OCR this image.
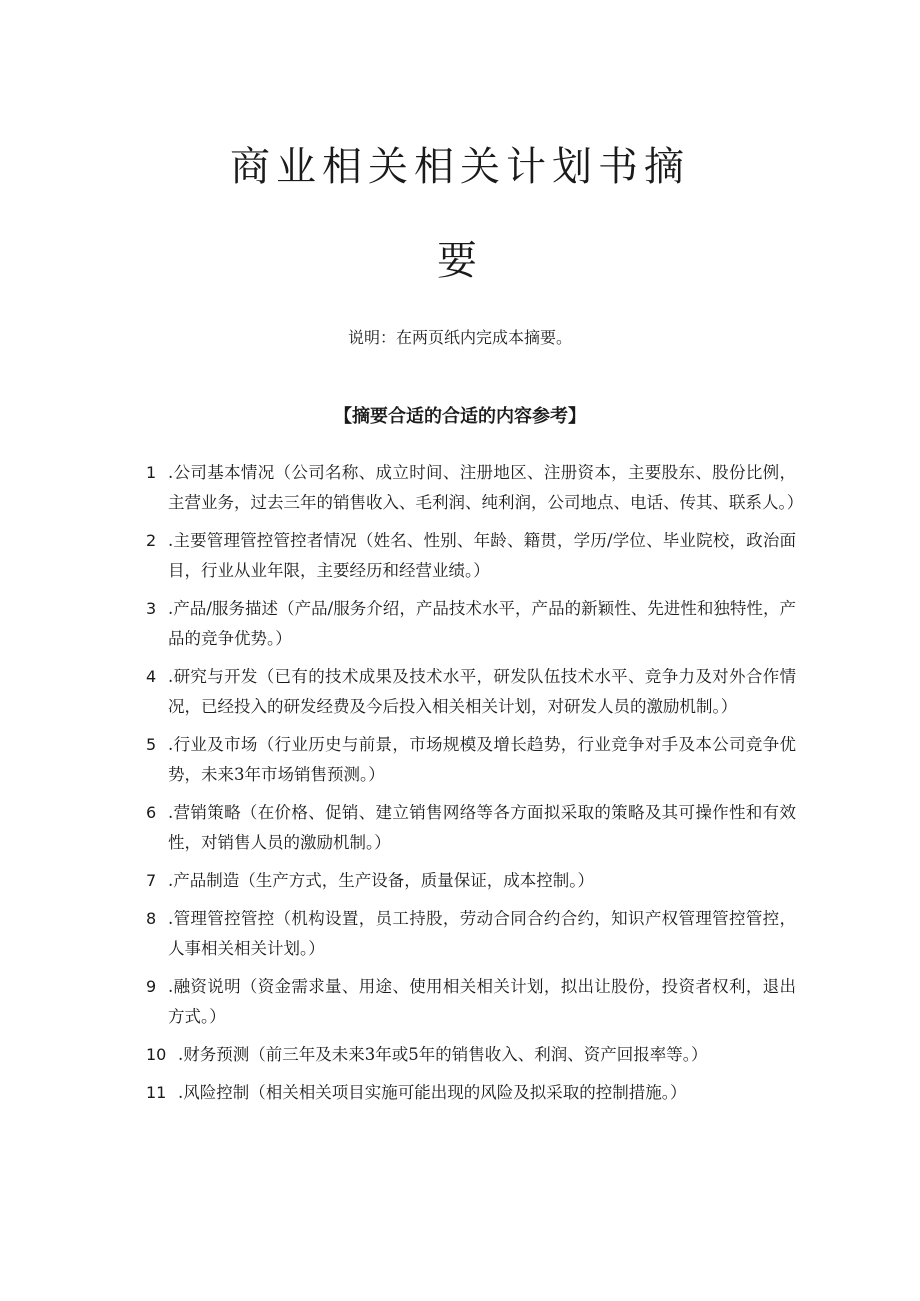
商业相关相关计划书摘
要
说明：在两页纸内完成本摘要。
【摘要合适的合适的内容参考】
1 .公司基本情况（公司名称、成立时间、注册地区、注册资本，主要股东、股份比例，主营业务，过去三年的销售收入、毛利润、纯利润，公司地点、电话、传其、联系人。）
2 .主要管理管控管控者情况（姓名、性别、年龄、籍贯，学历/学位、毕业院校，政治面目，行业从业年限，主要经历和经营业绩。）
3 .产品/服务描述（产品/服务介绍，产品技术水平，产品的新颖性、先进性和独特性，产品的竞争优势。）
4 .研究与开发（已有的技术成果及技术水平，研发队伍技术水平、竞争力及对外合作情况，已经投入的研发经费及今后投入相关相关计划，对研发人员的激励机制。）
5 .行业及市场（行业历史与前景，市场规模及增长趋势，行业竞争对手及本公司竞争优势，未来3年市场销售预测。）
6 .营销策略（在价格、促销、建立销售网络等各方面拟采取的策略及其可操作性和有效性，对销售人员的激励机制。）
7 .产品制造（生产方式，生产设备，质量保证，成本控制。）
8 .管理管控管控（机构设置，员工持股，劳动合同合约合约，知识产权管理管控管控，人事相关相关计划。）
9 .融资说明（资金需求量、用途、使用相关相关计划，拟出让股份，投资者权利，退出方式。）
10 .财务预测（前三年及未来3年或5年的销售收入、利润、资产回报率等。）
11 .风险控制（相关相关项目实施可能出现的风险及拟采取的控制措施。）
